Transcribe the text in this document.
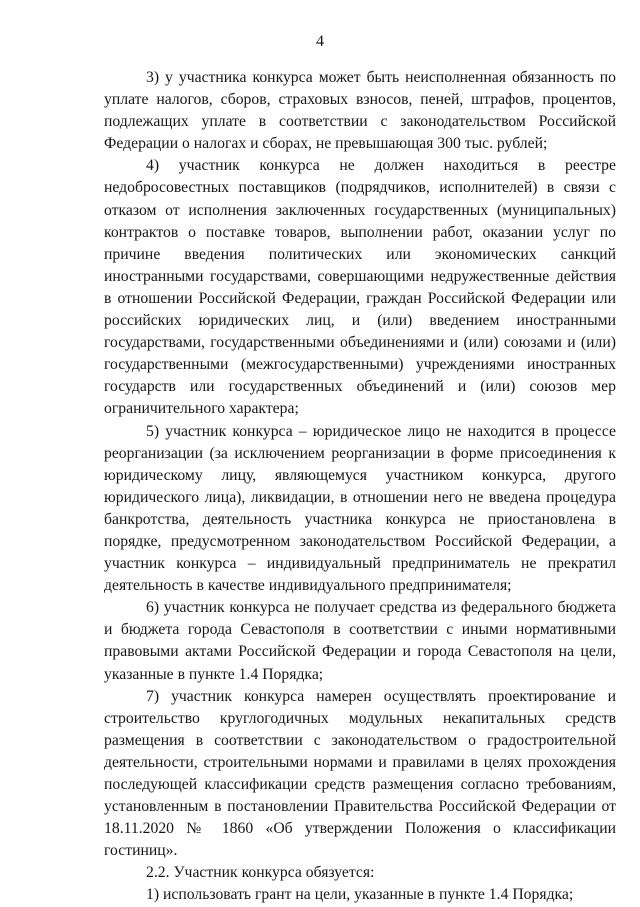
4

3) у участника конкурса может быть неисполненная обязанность по уплате налогов, сборов, страховых взносов, пеней, штрафов, процентов, подлежащих уплате в соответствии с законодательством Российской Федерации о налогах и сборах, не превышающая 300 тыс. рублей;

4) участник конкурса не должен находиться в реестре недобросовестных поставщиков (подрядчиков, исполнителей) в связи с отказом от исполнения заключенных государственных (муниципальных) контрактов о поставке товаров, выполнении работ, оказании услуг по причине введения политических или экономических санкций иностранными государствами, совершающими недружественные действия в отношении Российской Федерации, граждан Российской Федерации или российских юридических лиц, и (или) введением иностранными государствами, государственными объединениями и (или) союзами и (или) государственными (межгосударственными) учреждениями иностранных государств или государственных объединений и (или) союзов мер ограничительного характера;

5) участник конкурса – юридическое лицо не находится в процессе реорганизации (за исключением реорганизации в форме присоединения к юридическому лицу, являющемуся участником конкурса, другого юридического лица), ликвидации, в отношении него не введена процедура банкротства, деятельность участника конкурса не приостановлена в порядке, предусмотренном законодательством Российской Федерации, а участник конкурса – индивидуальный предприниматель не прекратил деятельность в качестве индивидуального предпринимателя;

6) участник конкурса не получает средства из федерального бюджета и бюджета города Севастополя в соответствии с иными нормативными правовыми актами Российской Федерации и города Севастополя на цели, указанные в пункте 1.4 Порядка;

7) участник конкурса намерен осуществлять проектирование и строительство круглогодичных модульных некапитальных средств размещения в соответствии с законодательством о градостроительной деятельности, строительными нормами и правилами в целях прохождения последующей классификации средств размещения согласно требованиям, установленным в постановлении Правительства Российской Федерации от 18.11.2020 № 1860 «Об утверждении Положения о классификации гостиниц».

2.2. Участник конкурса обязуется:

1) использовать грант на цели, указанные в пункте 1.4 Порядка;
